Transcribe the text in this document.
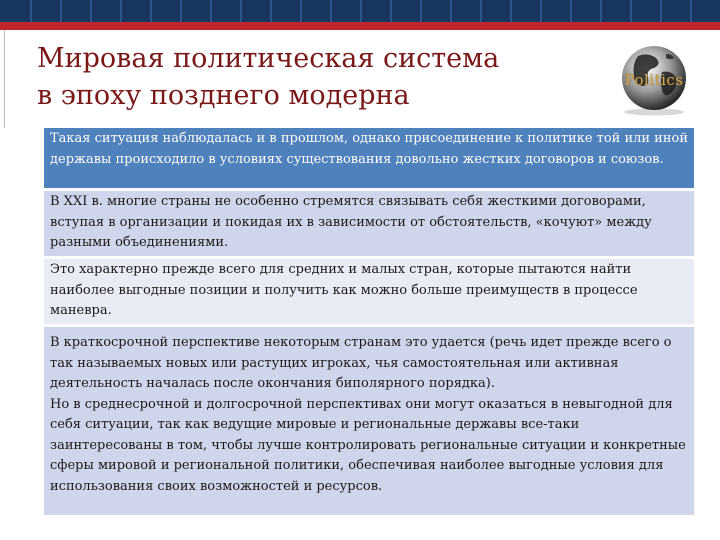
Мировая политическая система
в эпоху позднего модерна	Politics

Такая ситуация наблюдалась и в прошлом, однако присоединение к политике той или иной державы происходило в условиях существования довольно жестких договоров и союзов.

В XXI в. многие страны не особенно стремятся связывать себя жесткими договорами, вступая в организации и покидая их в зависимости от обстоятельств, «кочуют» между разными объединениями.

Это характерно прежде всего для средних и малых стран, которые пытаются найти наиболее выгодные позиции и получить как можно больше преимуществ в процессе маневра.

В краткосрочной перспективе некоторым странам это удается (речь идет прежде всего о так называемых новых или растущих игроках, чья самостоятельная или активная деятельность началась после окончания биполярного порядка).

Но в среднесрочной и долгосрочной перспективах они могут оказаться в невыгодной для себя ситуации, так как ведущие мировые и региональные державы все-таки заинтересованы в том, чтобы лучше контролировать региональные ситуации и конкретные сферы мировой и региональной политики, обеспечивая наиболее выгодные условия для использования своих возможностей и ресурсов.
